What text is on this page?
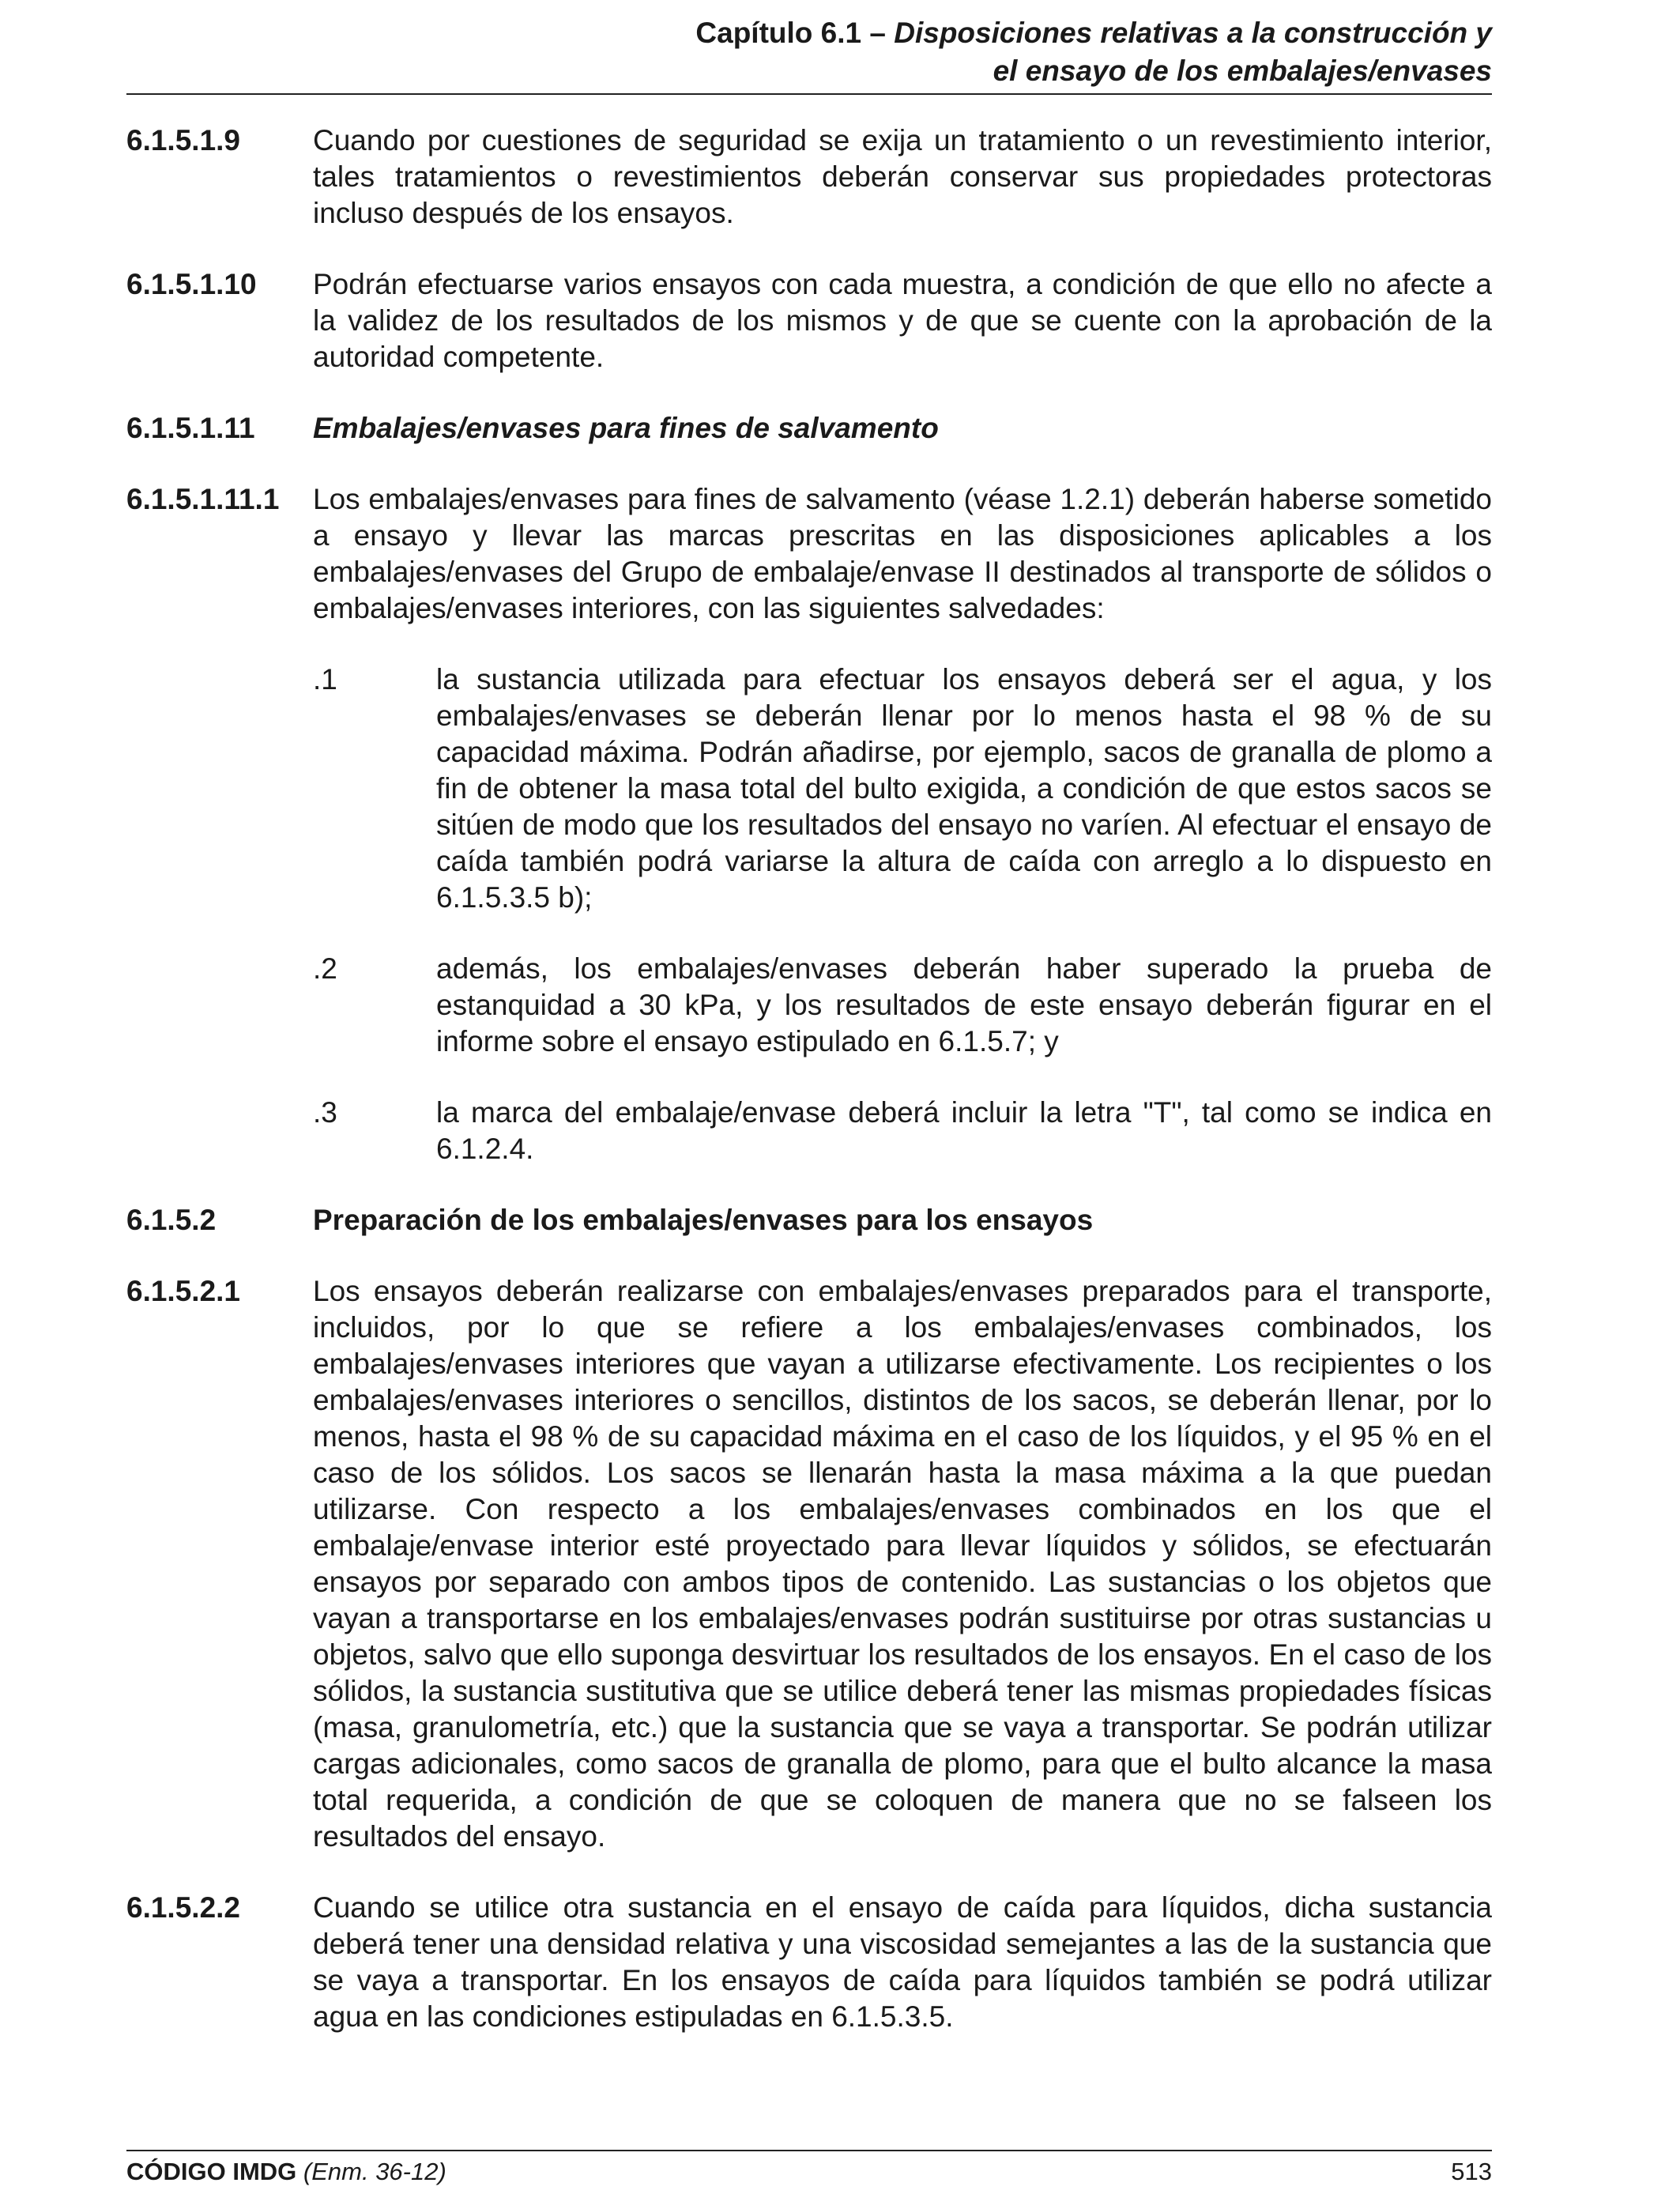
Capítulo 6.1 – Disposiciones relativas a la construcción y
el ensayo de los embalajes/envases
6.1.5.1.9	Cuando por cuestiones de seguridad se exija un tratamiento o un revestimiento interior, tales tratamientos o revestimientos deberán conservar sus propiedades protectoras incluso después de los ensayos.
6.1.5.1.10	Podrán efectuarse varios ensayos con cada muestra, a condición de que ello no afecte a la validez de los resultados de los mismos y de que se cuente con la aprobación de la autoridad competente.
6.1.5.1.11	Embalajes/envases para fines de salvamento
6.1.5.1.11.1	Los embalajes/envases para fines de salvamento (véase 1.2.1) deberán haberse sometido a ensayo y llevar las marcas prescritas en las disposiciones aplicables a los embalajes/envases del Grupo de embalaje/envase II destinados al transporte de sólidos o embalajes/envases interiores, con las siguientes salvedades:
.1	la sustancia utilizada para efectuar los ensayos deberá ser el agua, y los embalajes/envases se deberán llenar por lo menos hasta el 98 % de su capacidad máxima. Podrán añadirse, por ejemplo, sacos de granalla de plomo a fin de obtener la masa total del bulto exigida, a condición de que estos sacos se sitúen de modo que los resultados del ensayo no varíen. Al efectuar el ensayo de caída también podrá variarse la altura de caída con arreglo a lo dispuesto en 6.1.5.3.5 b);
.2	además, los embalajes/envases deberán haber superado la prueba de estanquidad a 30 kPa, y los resultados de este ensayo deberán figurar en el informe sobre el ensayo estipulado en 6.1.5.7; y
.3	la marca del embalaje/envase deberá incluir la letra "T", tal como se indica en 6.1.2.4.
6.1.5.2	Preparación de los embalajes/envases para los ensayos
6.1.5.2.1	Los ensayos deberán realizarse con embalajes/envases preparados para el transporte, incluidos, por lo que se refiere a los embalajes/envases combinados, los embalajes/envases interiores que vayan a utilizarse efectivamente. Los recipientes o los embalajes/envases interiores o sencillos, distintos de los sacos, se deberán llenar, por lo menos, hasta el 98 % de su capacidad máxima en el caso de los líquidos, y el 95 % en el caso de los sólidos. Los sacos se llenarán hasta la masa máxima a la que puedan utilizarse. Con respecto a los embalajes/envases combinados en los que el embalaje/envase interior esté proyectado para llevar líquidos y sólidos, se efectuarán ensayos por separado con ambos tipos de contenido. Las sustancias o los objetos que vayan a transportarse en los embalajes/envases podrán sustituirse por otras sustancias u objetos, salvo que ello suponga desvirtuar los resultados de los ensayos. En el caso de los sólidos, la sustancia sustitutiva que se utilice deberá tener las mismas propiedades físicas (masa, granulometría, etc.) que la sustancia que se vaya a transportar. Se podrán utilizar cargas adicionales, como sacos de granalla de plomo, para que el bulto alcance la masa total requerida, a condición de que se coloquen de manera que no se falseen los resultados del ensayo.
6.1.5.2.2	Cuando se utilice otra sustancia en el ensayo de caída para líquidos, dicha sustancia deberá tener una densidad relativa y una viscosidad semejantes a las de la sustancia que se vaya a transportar. En los ensayos de caída para líquidos también se podrá utilizar agua en las condiciones estipuladas en 6.1.5.3.5.
CÓDIGO IMDG (Enm. 36-12)	513
